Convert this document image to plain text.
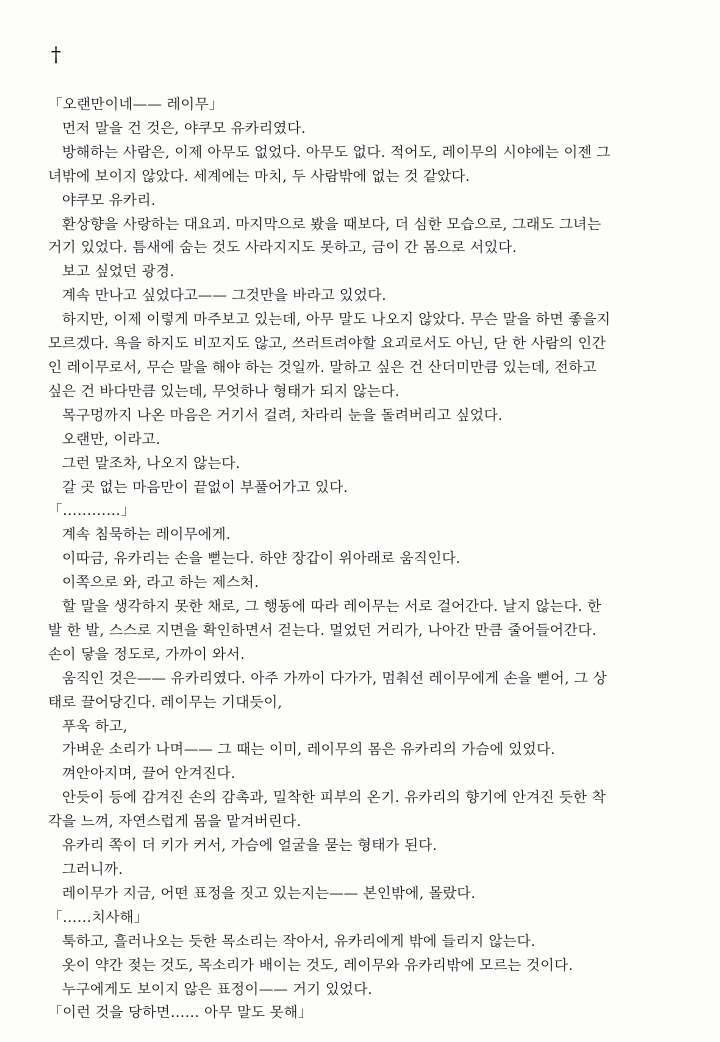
†

「오랜만이네—— 레이무」

먼저 말을 건 것은, 야쿠모 유카리였다.

방해하는 사람은, 이제 아무도 없었다. 아무도 없다. 적어도, 레이무의 시야에는 이젠 그

녀밖에 보이지 않았다. 세계에는 마치, 두 사람밖에 없는 것 같았다.

야쿠모 유카리.

환상향을 사랑하는 대요괴. 마지막으로 봤을 때보다, 더 심한 모습으로, 그래도 그녀는

거기 있었다. 틈새에 숨는 것도 사라지지도 못하고, 금이 간 몸으로 서있다.

보고 싶었던 광경.

계속 만나고 싶었다고—— 그것만을 바라고 있었다.

하지만, 이제 이렇게 마주보고 있는데, 아무 말도 나오지 않았다. 무슨 말을 하면 좋을지

모르겠다. 욕을 하지도 비꼬지도 않고, 쓰러트려야할 요괴로서도 아닌, 단 한 사람의 인간

인 레이무로서, 무슨 말을 해야 하는 것일까. 말하고 싶은 건 산더미만큼 있는데, 전하고

싶은 건 바다만큼 있는데, 무엇하나 형태가 되지 않는다.

목구멍까지 나온 마음은 거기서 걸려, 차라리 눈을 돌려버리고 싶었다.

오랜만, 이라고.

그런 말조차, 나오지 않는다.

갈 곳 없는 마음만이 끝없이 부풀어가고 있다.

「…………」

계속 침묵하는 레이무에게.

이따금, 유카리는 손을 뻗는다. 하얀 장갑이 위아래로 움직인다.

이쪽으로 와, 라고 하는 제스처.

할 말을 생각하지 못한 채로, 그 행동에 따라 레이무는 서로 걸어간다. 날지 않는다. 한

발 한 발, 스스로 지면을 확인하면서 걷는다. 멀었던 거리가, 나아간 만큼 줄어들어간다.

손이 닿을 정도로, 가까이 와서.

움직인 것은—— 유카리였다. 아주 가까이 다가가, 멈춰선 레이무에게 손을 뻗어, 그 상

태로 끌어당긴다. 레이무는 기대듯이,

푸욱 하고,

가벼운 소리가 나며—— 그 때는 이미, 레이무의 몸은 유카리의 가슴에 있었다.

껴안아지며, 끌어 안겨진다.

안듯이 등에 감겨진 손의 감촉과, 밀착한 피부의 온기. 유카리의 향기에 안겨진 듯한 착

각을 느껴, 자연스럽게 몸을 맡겨버린다.

유카리 쪽이 더 키가 커서, 가슴에 얼굴을 묻는 형태가 된다.

그러니까.

레이무가 지금, 어떤 표정을 짓고 있는지는—— 본인밖에, 몰랐다.

「……치사해」

툭하고, 흘러나오는 듯한 목소리는 작아서, 유카리에게 밖에 들리지 않는다.

옷이 약간 젖는 것도, 목소리가 배이는 것도, 레이무와 유카리밖에 모르는 것이다.

누구에게도 보이지 않은 표정이—— 거기 있었다.

「이런 것을 당하면…… 아무 말도 못해」
